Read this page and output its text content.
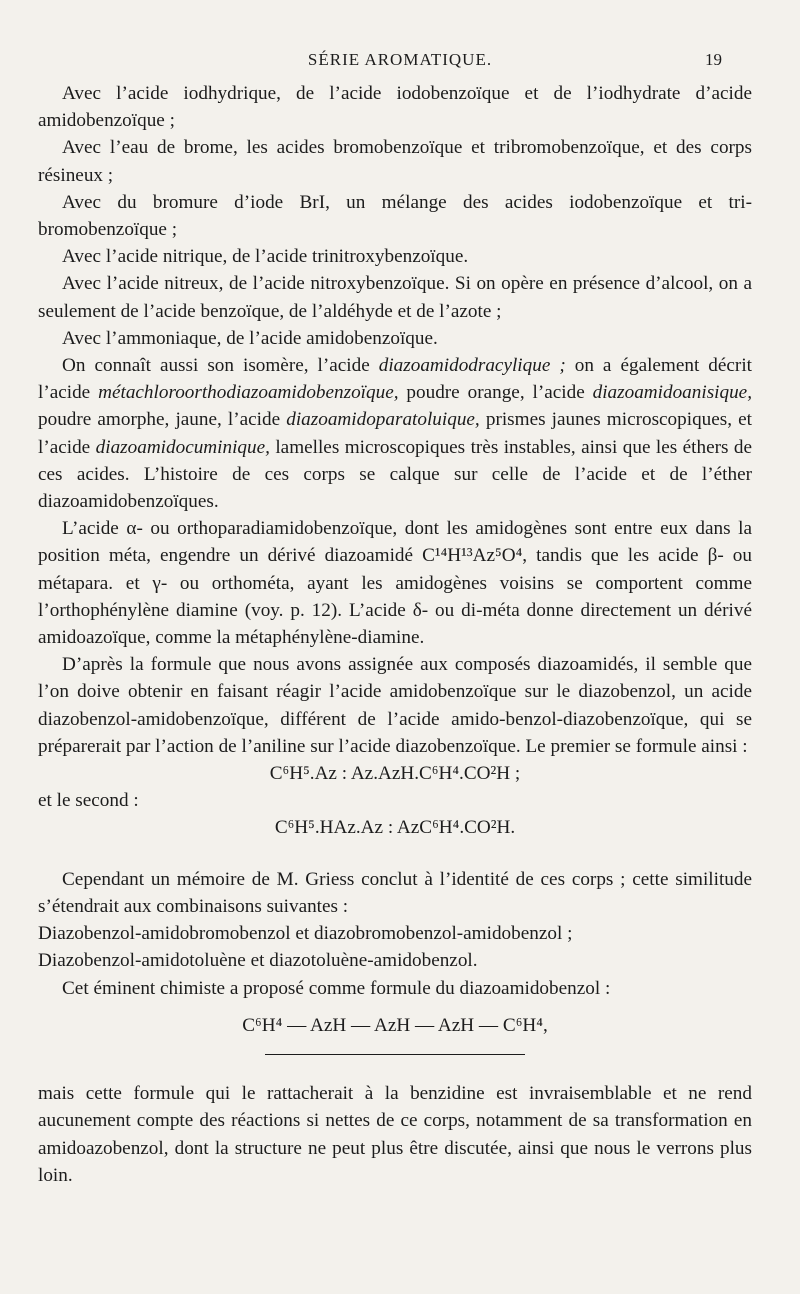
SÉRIE AROMATIQUE.	19

Avec l’acide iodhydrique, de l’acide iodobenzoïque et de l’iodhydrate d’acide amidobenzoïque ;

Avec l’eau de brome, les acides bromobenzoïque et tribromobenzoïque, et des corps résineux ;

Avec du bromure d’iode BrI, un mélange des acides iodobenzoïque et tri-bromobenzoïque ;

Avec l’acide nitrique, de l’acide trinitroxybenzoïque.

Avec l’acide nitreux, de l’acide nitroxybenzoïque. Si on opère en présence d’alcool, on a seulement de l’acide benzoïque, de l’aldéhyde et de l’azote ;

Avec l’ammoniaque, de l’acide amidobenzoïque.

On connaît aussi son isomère, l’acide diazoamidodracylique ; on a également décrit l’acide métachloroorthodiazoamidobenzoïque, poudre orange, l’acide diazoamidoanisique, poudre amorphe, jaune, l’acide diazoamidoparatoluique, prismes jaunes microscopiques, et l’acide diazoamidocuminique, lamelles microscopiques très instables, ainsi que les éthers de ces acides. L’histoire de ces corps se calque sur celle de l’acide et de l’éther diazoamidobenzoïques.

L’acide α- ou orthoparadiamidobenzoïque, dont les amidogènes sont entre eux dans la position méta, engendre un dérivé diazoamidé C¹⁴H¹³Az⁵O⁴, tandis que les acide β- ou métapara. et γ- ou orthométa, ayant les amidogènes voisins se comportent comme l’orthophénylène diamine (voy. p. 12). L’acide δ- ou di-méta donne directement un dérivé amidoazoïque, comme la métaphénylène-diamine.

D’après la formule que nous avons assignée aux composés diazoamidés, il semble que l’on doive obtenir en faisant réagir l’acide amidobenzoïque sur le diazobenzol, un acide diazobenzol-amidobenzoïque, différent de l’acide amido-benzol-diazobenzoïque, qui se préparerait par l’action de l’aniline sur l’acide diazobenzoïque. Le premier se formule ainsi :

C⁶H⁵.Az : Az.AzH.C⁶H⁴.CO²H ;

et le second :

C⁶H⁵.HAz.Az : AzC⁶H⁴.CO²H.

Cependant un mémoire de M. Griess conclut à l’identité de ces corps ; cette similitude s’étendrait aux combinaisons suivantes :

Diazobenzol-amidobromobenzol et diazobromobenzol-amidobenzol ;

Diazobenzol-amidotoluène et diazotoluène-amidobenzol.

Cet éminent chimiste a proposé comme formule du diazoamidobenzol :

C⁶H⁴ — AzH — AzH — AzH — C⁶H⁴,

mais cette formule qui le rattacherait à la benzidine est invraisemblable et ne rend aucunement compte des réactions si nettes de ce corps, notamment de sa transformation en amidoazobenzol, dont la structure ne peut plus être discutée, ainsi que nous le verrons plus loin.
